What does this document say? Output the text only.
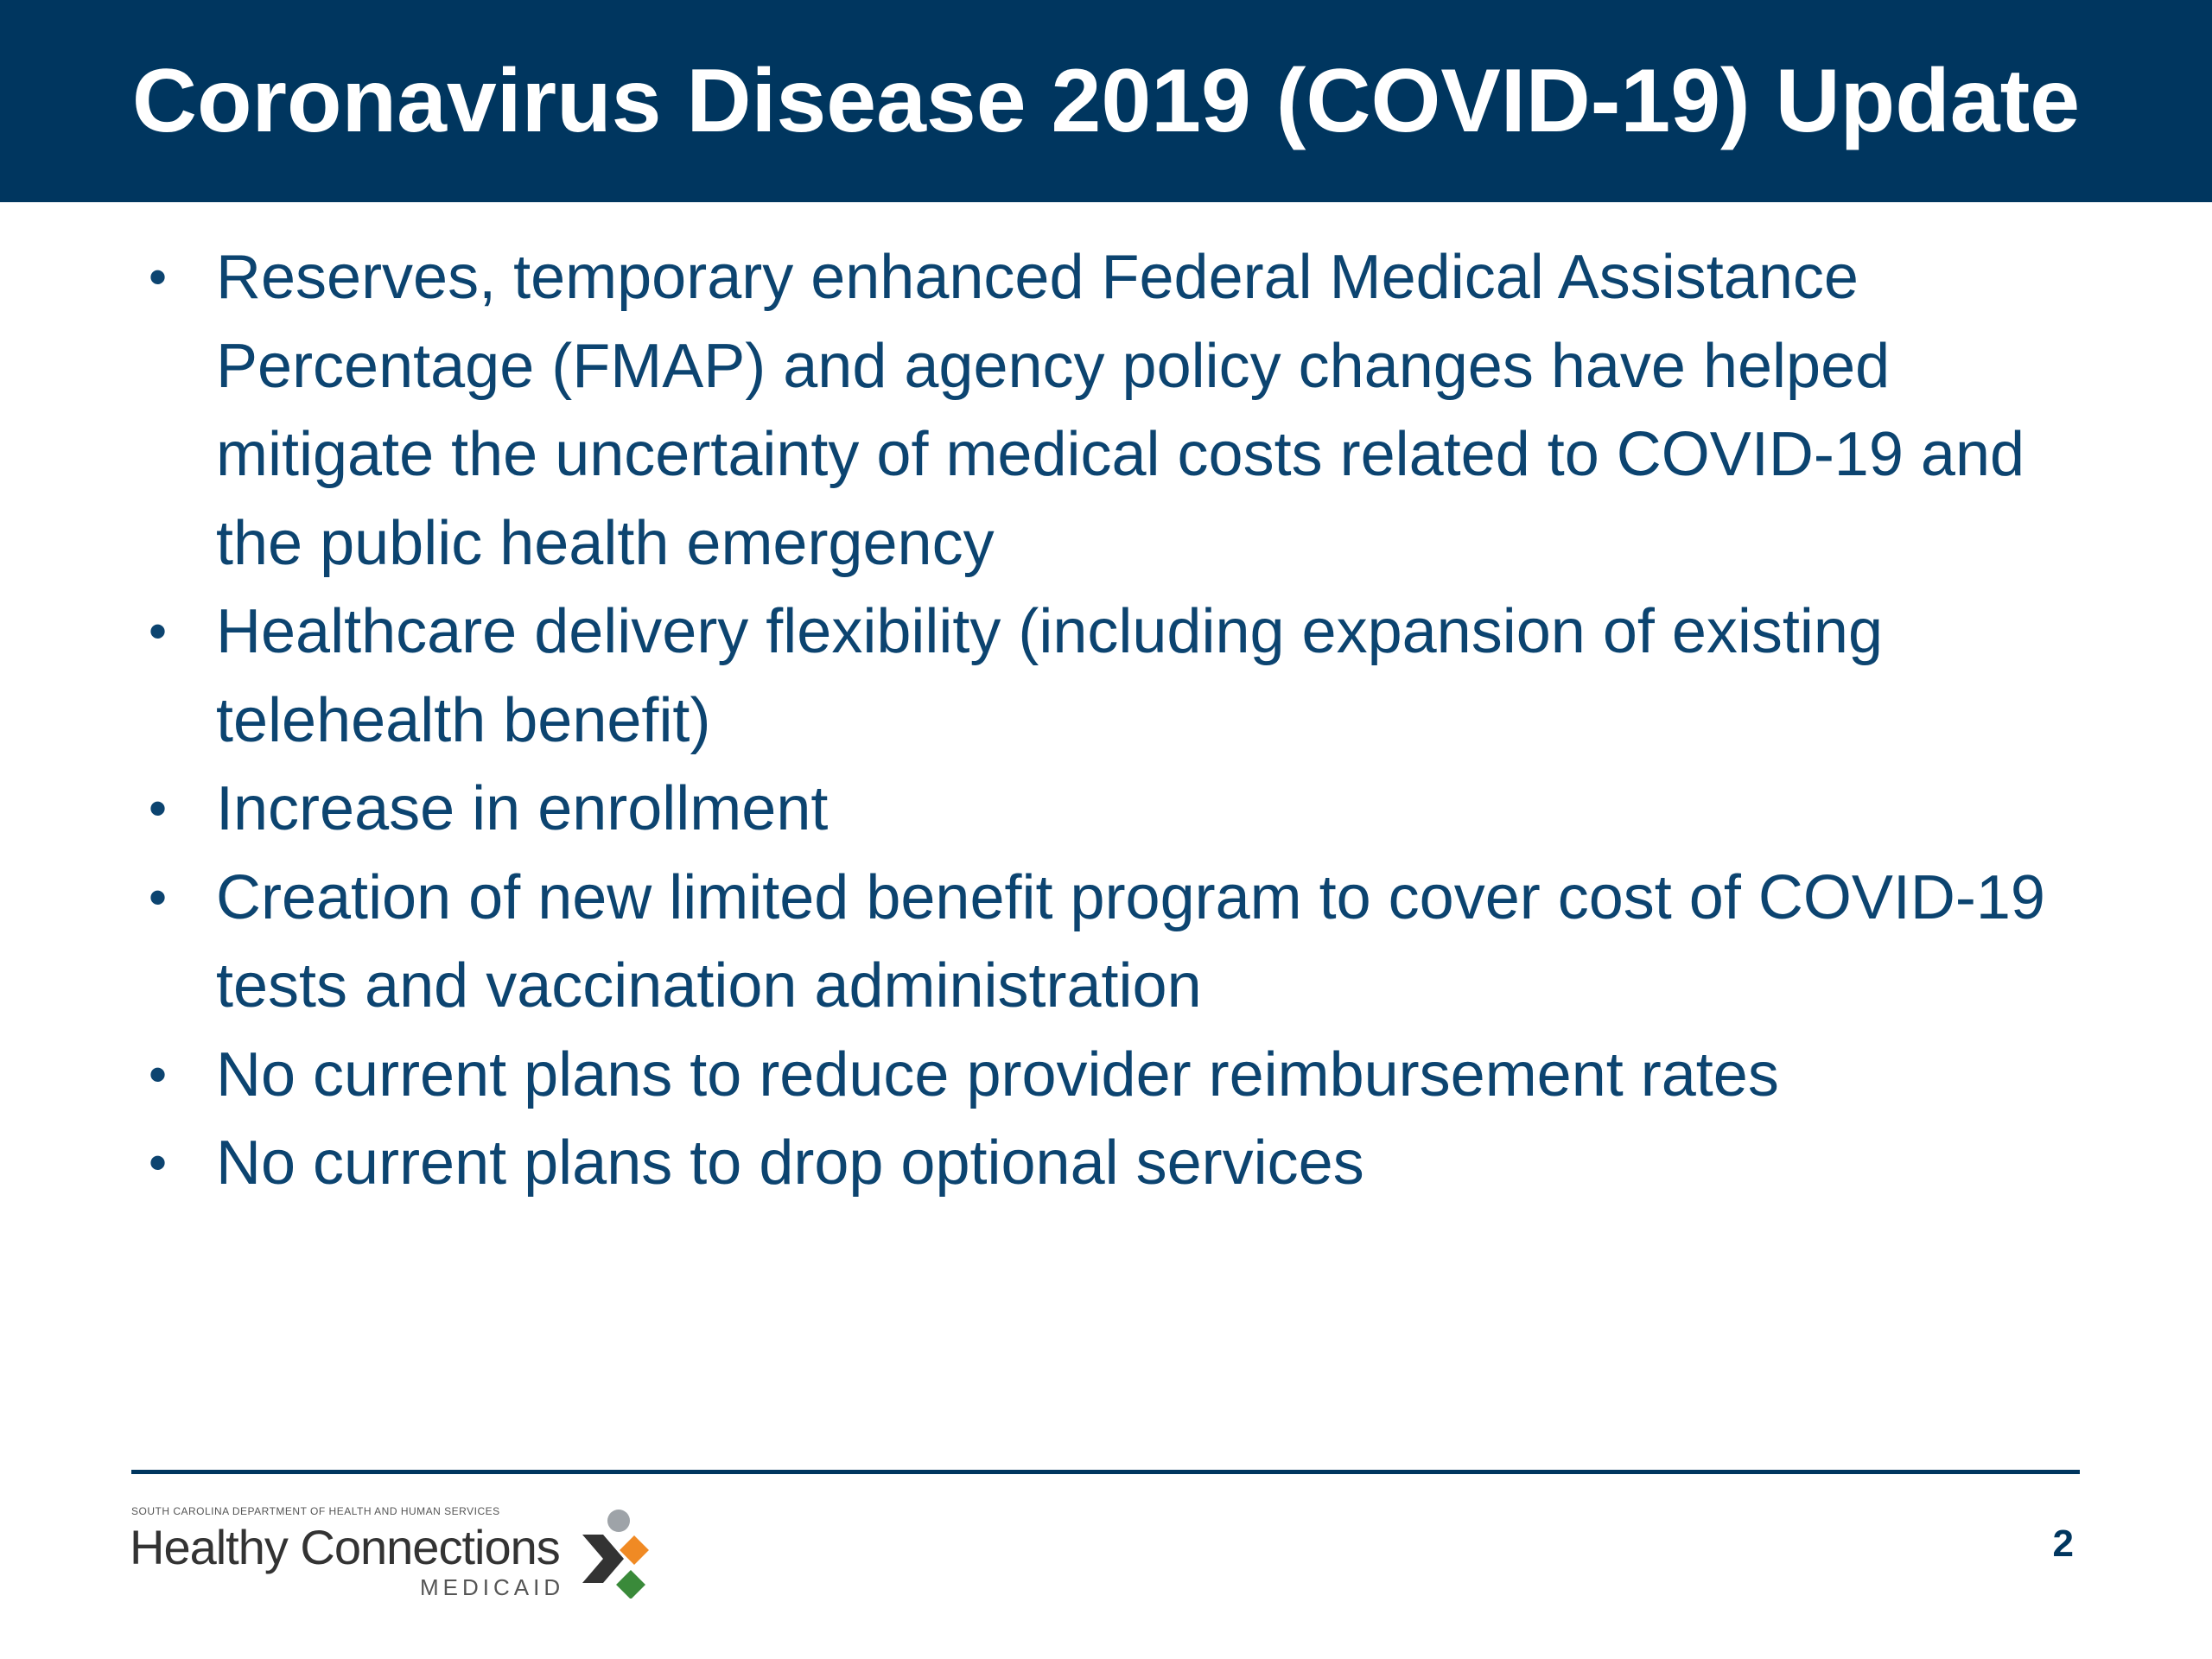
Coronavirus Disease 2019 (COVID-19) Update
• Reserves, temporary enhanced Federal Medical Assistance Percentage (FMAP) and agency policy changes have helped mitigate the uncertainty of medical costs related to COVID-19 and the public health emergency
• Healthcare delivery flexibility (including expansion of existing telehealth benefit)
• Increase in enrollment
• Creation of new limited benefit program to cover cost of COVID-19 tests and vaccination administration
• No current plans to reduce provider reimbursement rates
• No current plans to drop optional services
SOUTH CAROLINA DEPARTMENT OF HEALTH AND HUMAN SERVICES
Healthy Connections
MEDICAID
2
